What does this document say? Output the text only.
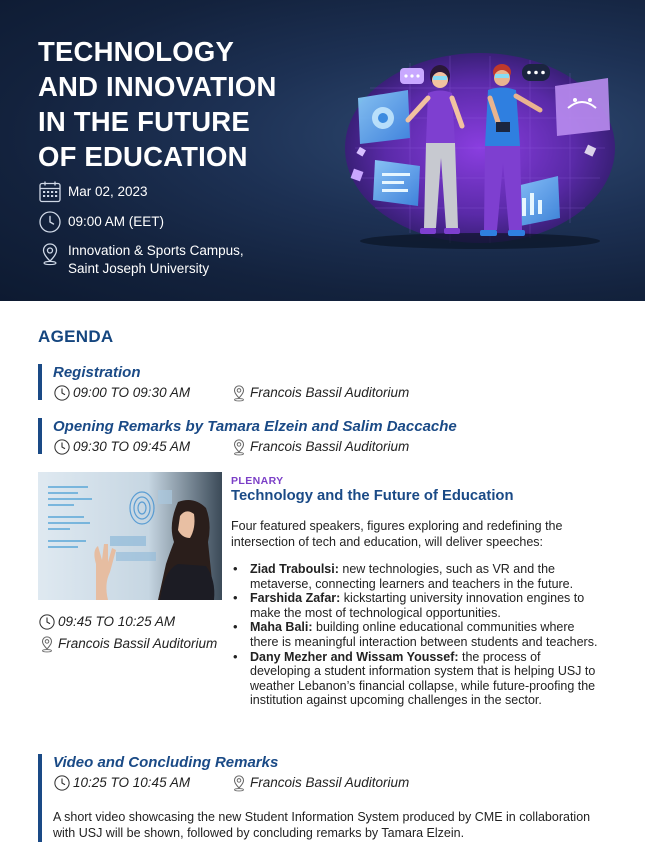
TECHNOLOGY
AND INNOVATION
IN THE FUTURE
OF EDUCATION
Mar 02, 2023
09:00 AM (EET)
Innovation & Sports Campus,
Saint Joseph University
AGENDA
Registration
09:00 TO 09:30 AM	Francois Bassil Auditorium
Opening Remarks by Tamara Elzein and Salim Daccache
09:30 TO 09:45 AM	Francois Bassil Auditorium
09:45 TO 10:25 AM
Francois Bassil Auditorium
PLENARY
Technology and the Future of Education
Four featured speakers, figures exploring and redefining the intersection of tech and education, will deliver speeches:
• Ziad Traboulsi: new technologies, such as VR and the metaverse, connecting learners and teachers in the future.
• Farshida Zafar: kickstarting university innovation engines to make the most of technological opportunities.
• Maha Bali: building online educational communities where there is meaningful interaction between students and teachers.
• Dany Mezher and Wissam Youssef: the process of developing a student information system that is helping USJ to weather Lebanon’s financial collapse, while future-proofing the institution against upcoming challenges in the sector.
Video and Concluding Remarks
10:25 TO 10:45 AM	Francois Bassil Auditorium
A short video showcasing the new Student Information System produced by CME in collaboration with USJ will be shown, followed by concluding remarks by Tamara Elzein.
